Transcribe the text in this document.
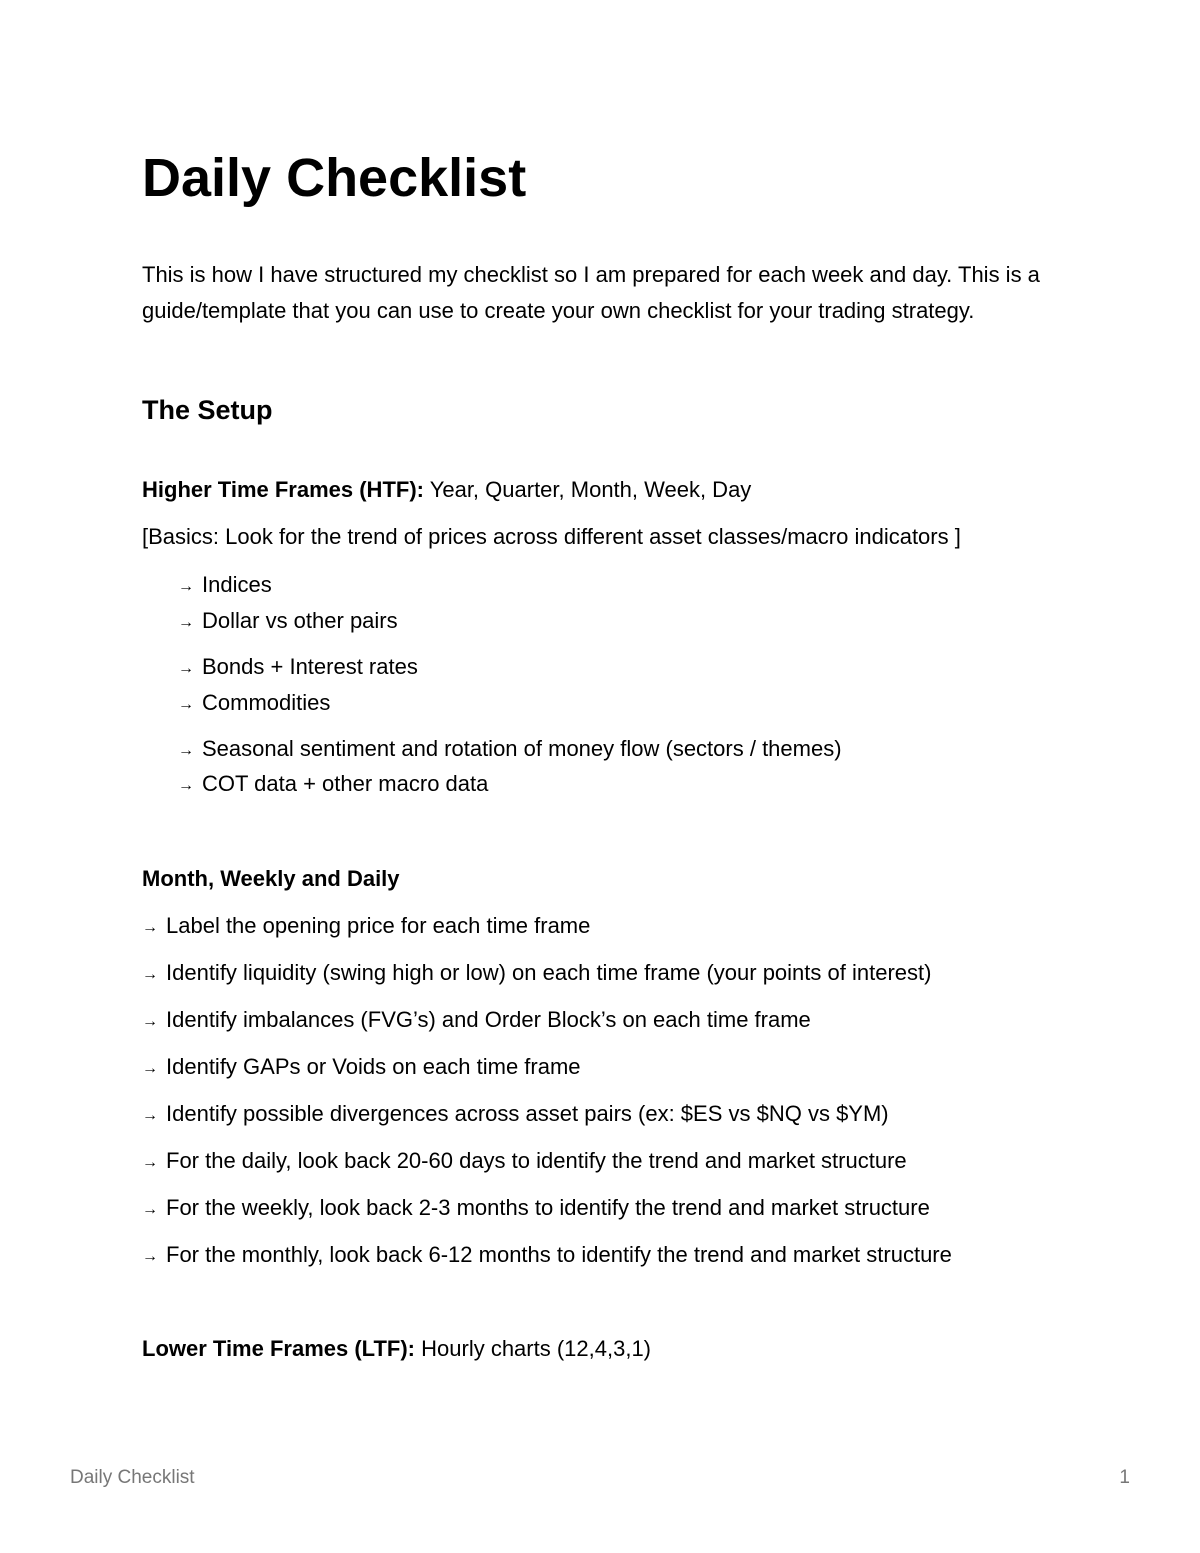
Daily Checklist

This is how I have structured my checklist so I am prepared for each week and day. This is a guide/template that you can use to create your own checklist for your trading strategy.

The Setup

Higher Time Frames (HTF): Year, Quarter, Month, Week, Day

[Basics: Look for the trend of prices across different asset classes/macro indicators ]

→ Indices

→ Dollar vs other pairs

→ Bonds + Interest rates

→ Commodities

→ Seasonal sentiment and rotation of money flow (sectors / themes)

→ COT data + other macro data

Month, Weekly and Daily

→ Label the opening price for each time frame

→ Identify liquidity (swing high or low) on each time frame (your points of interest)

→ Identify imbalances (FVG’s) and Order Block’s on each time frame

→ Identify GAPs or Voids on each time frame

→ Identify possible divergences across asset pairs (ex: $ES vs $NQ vs $YM)

→ For the daily, look back 20-60 days to identify the trend and market structure

→ For the weekly, look back 2-3 months to identify the trend and market structure

→ For the monthly, look back 6-12 months to identify the trend and market structure

Lower Time Frames (LTF): Hourly charts (12,4,3,1)

Daily Checklist	1
